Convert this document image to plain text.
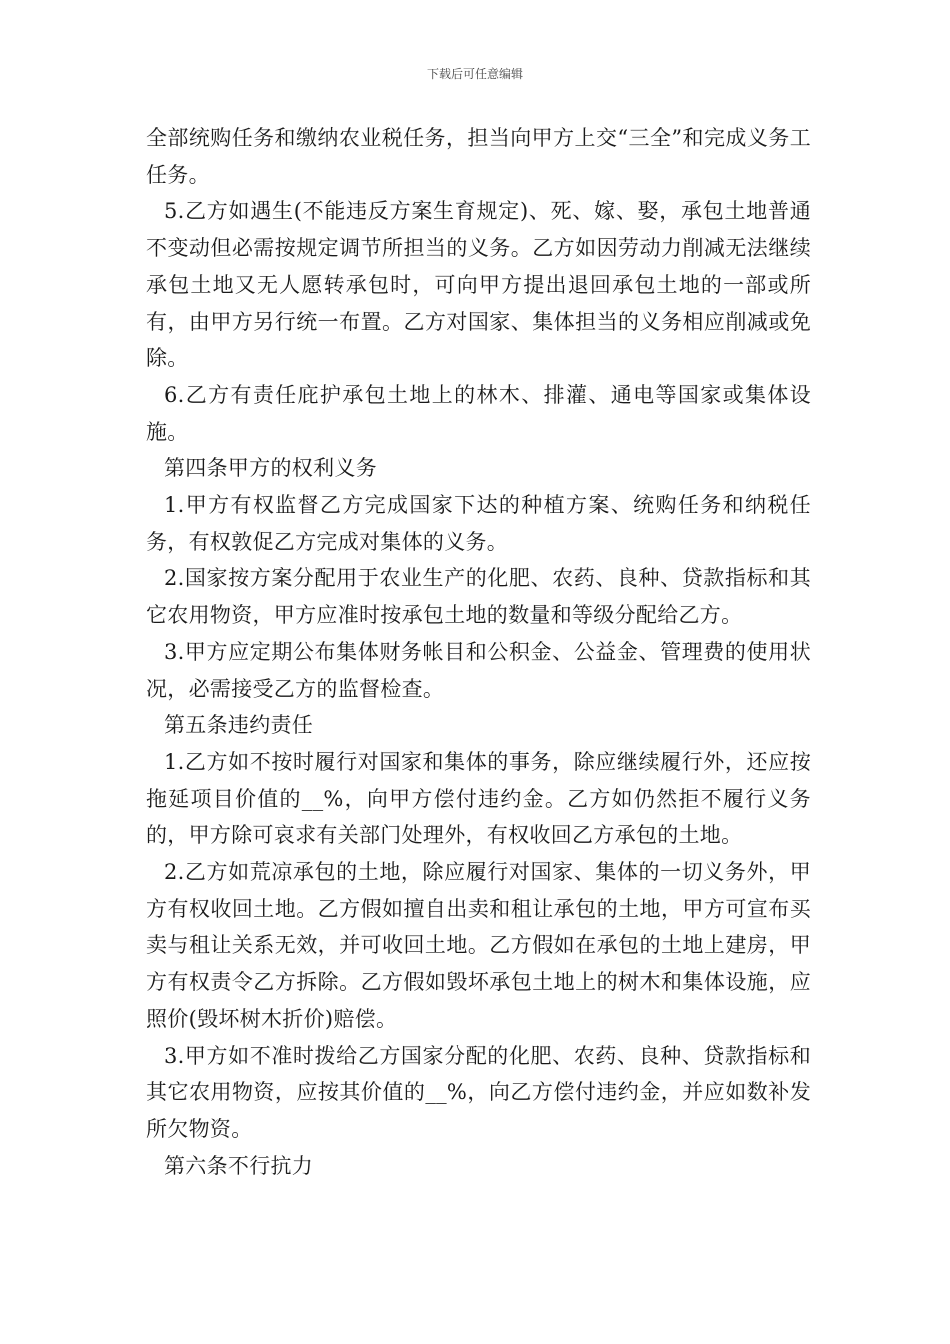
下载后可任意编辑

全部统购任务和缴纳农业税任务，担当向甲方上交“三全”和完成义务工任务。

5.乙方如遇生(不能违反方案生育规定)、死、嫁、娶，承包土地普通不变动但必需按规定调节所担当的义务。乙方如因劳动力削减无法继续承包土地又无人愿转承包时，可向甲方提出退回承包土地的一部或所有，由甲方另行统一布置。乙方对国家、集体担当的义务相应削减或免除。

6.乙方有责任庇护承包土地上的林木、排灌、通电等国家或集体设施。

第四条甲方的权利义务

1.甲方有权监督乙方完成国家下达的种植方案、统购任务和纳税任务，有权敦促乙方完成对集体的义务。

2.国家按方案分配用于农业生产的化肥、农药、良种、贷款指标和其它农用物资，甲方应准时按承包土地的数量和等级分配给乙方。

3.甲方应定期公布集体财务帐目和公积金、公益金、管理费的使用状况，必需接受乙方的监督检查。

第五条违约责任

1.乙方如不按时履行对国家和集体的事务，除应继续履行外，还应按拖延项目价值的__%，向甲方偿付违约金。乙方如仍然拒不履行义务的，甲方除可哀求有关部门处理外，有权收回乙方承包的土地。

2.乙方如荒凉承包的土地，除应履行对国家、集体的一切义务外，甲方有权收回土地。乙方假如擅自出卖和租让承包的土地，甲方可宣布买卖与租让关系无效，并可收回土地。乙方假如在承包的土地上建房，甲方有权责令乙方拆除。乙方假如毁坏承包土地上的树木和集体设施，应照价(毁坏树木折价)赔偿。

3.甲方如不准时拨给乙方国家分配的化肥、农药、良种、贷款指标和其它农用物资，应按其价值的__%，向乙方偿付违约金，并应如数补发所欠物资。

第六条不行抗力
